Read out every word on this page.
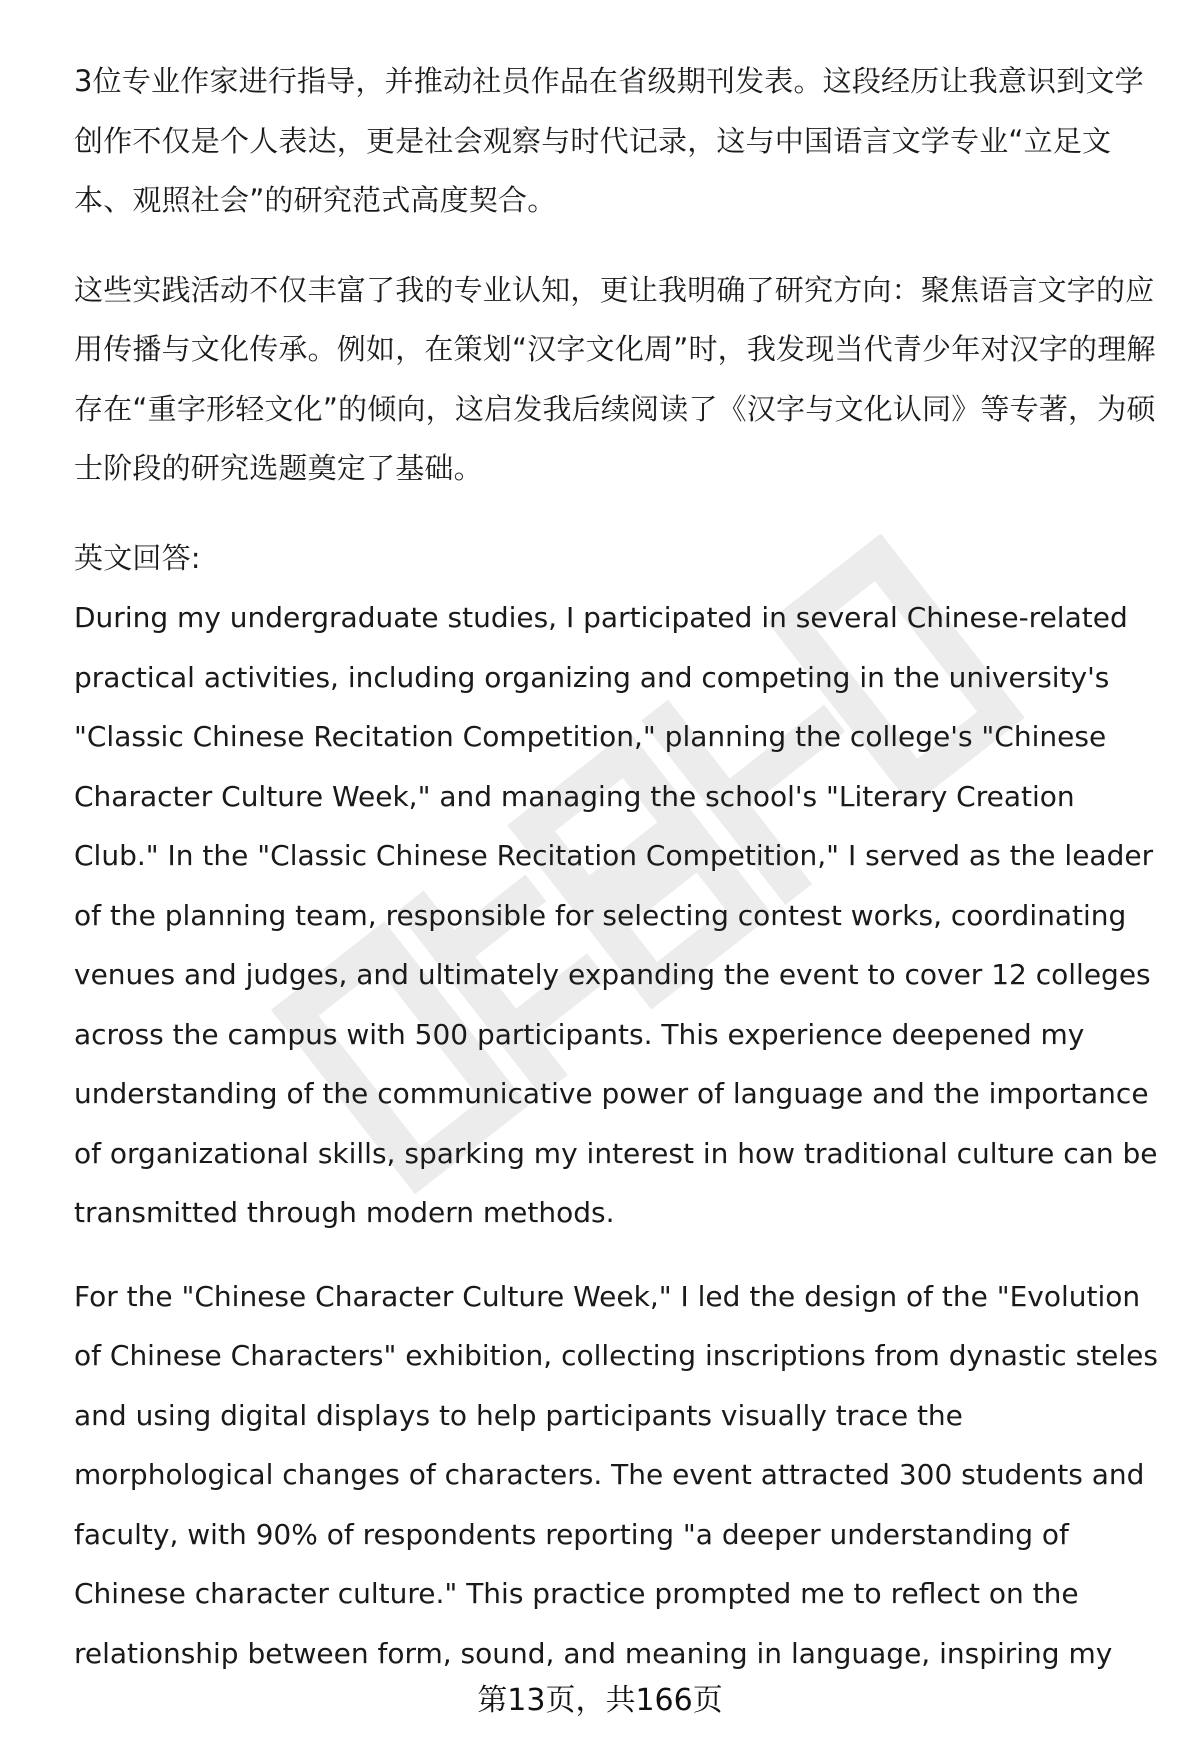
3位专业作家进行指导，并推动社员作品在省级期刊发表。这段经历让我意识到文学创作不仅是个人表达，更是社会观察与时代记录，这与中国语言文学专业“立足文本、观照社会”的研究范式高度契合。

这些实践活动不仅丰富了我的专业认知，更让我明确了研究方向：聚焦语言文字的应用传播与文化传承。例如，在策划“汉字文化周”时，我发现当代青少年对汉字的理解存在“重字形轻文化”的倾向，这启发我后续阅读了《汉字与文化认同》等专著，为硕士阶段的研究选题奠定了基础。

英文回答:

During my undergraduate studies, I participated in several Chinese-related practical activities, including organizing and competing in the university's "Classic Chinese Recitation Competition," planning the college's "Chinese Character Culture Week," and managing the school's "Literary Creation Club." In the "Classic Chinese Recitation Competition," I served as the leader of the planning team, responsible for selecting contest works, coordinating venues and judges, and ultimately expanding the event to cover 12 colleges across the campus with 500 participants. This experience deepened my understanding of the communicative power of language and the importance of organizational skills, sparking my interest in how traditional culture can be transmitted through modern methods.

For the "Chinese Character Culture Week," I led the design of the "Evolution of Chinese Characters" exhibition, collecting inscriptions from dynastic steles and using digital displays to help participants visually trace the morphological changes of characters. The event attracted 300 students and faculty, with 90% of respondents reporting "a deeper understanding of Chinese character culture." This practice prompted me to reflect on the relationship between form, sound, and meaning in language, inspiring my

第13页，共166页
